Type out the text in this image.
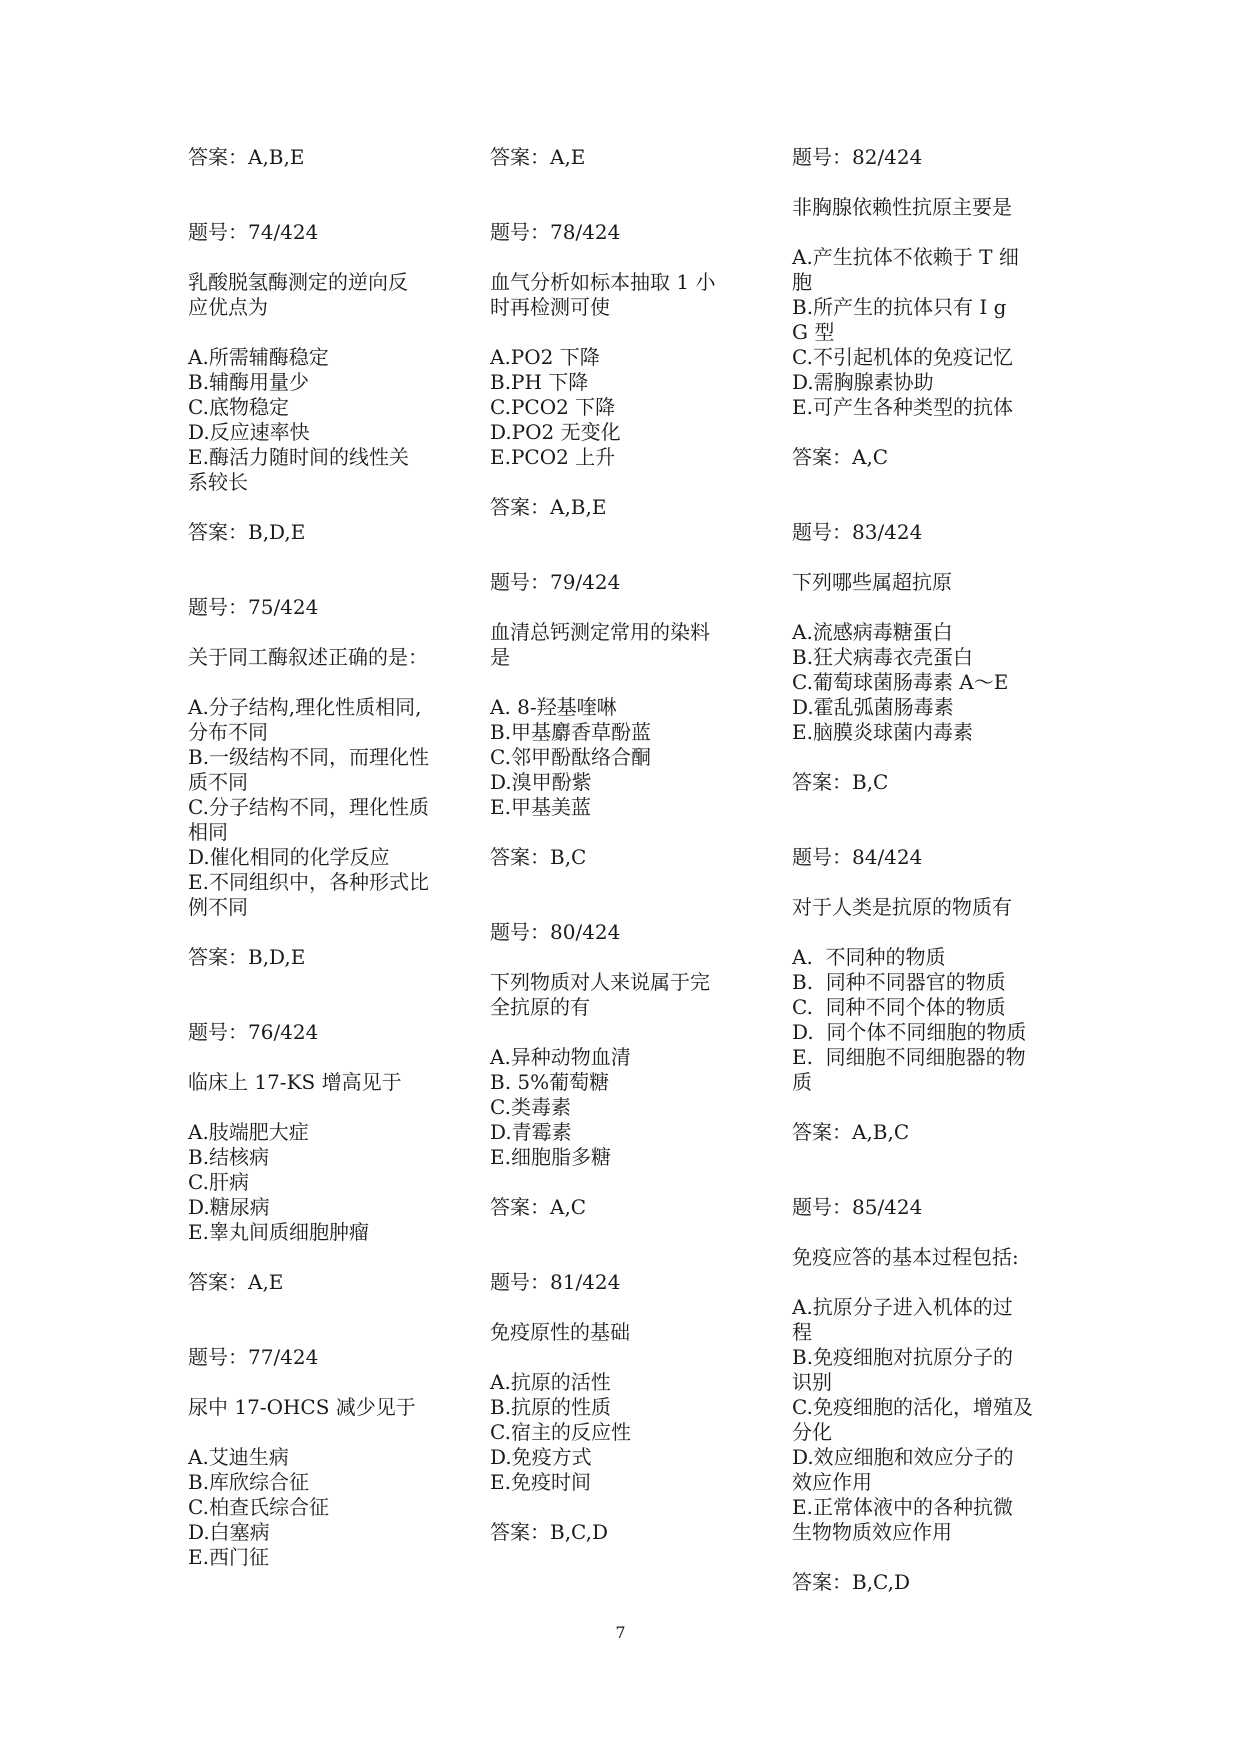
答案：A,B,E
题号：74/424
乳酸脱氢酶测定的逆向反
应优点为
A.所需辅酶稳定
B.辅酶用量少
C.底物稳定
D.反应速率快
E.酶活力随时间的线性关
系较长
答案：B,D,E
题号：75/424
关于同工酶叙述正确的是：
A.分子结构,理化性质相同,
分布不同
B.一级结构不同，而理化性
质不同
C.分子结构不同，理化性质
相同
D.催化相同的化学反应
E.不同组织中，各种形式比
例不同
答案：B,D,E
题号：76/424
临床上 17-KS 增高见于
A.肢端肥大症
B.结核病
C.肝病
D.糖尿病
E.睾丸间质细胞肿瘤
答案：A,E
题号：77/424
尿中 17-OHCS 减少见于
A.艾迪生病
B.库欣综合征
C.柏查氏综合征
D.白塞病
E.西门征
答案：A,E
题号：78/424
血气分析如标本抽取 1 小
时再检测可使
A.PO2 下降
B.PH 下降
C.PCO2 下降
D.PO2 无变化
E.PCO2 上升
答案：A,B,E
题号：79/424
血清总钙测定常用的染料
是
A. 8-羟基喹啉
B.甲基麝香草酚蓝
C.邻甲酚酞络合酮
D.溴甲酚紫
E.甲基美蓝
答案：B,C
题号：80/424
下列物质对人来说属于完
全抗原的有
A.异种动物血清
B. 5%葡萄糖
C.类毒素
D.青霉素
E.细胞脂多糖
答案：A,C
题号：81/424
免疫原性的基础
A.抗原的活性
B.抗原的性质
C.宿主的反应性
D.免疫方式
E.免疫时间
答案：B,C,D
题号：82/424
非胸腺依赖性抗原主要是
A.产生抗体不依赖于 T 细
胞
B.所产生的抗体只有 I g
G 型
C.不引起机体的免疫记忆
D.需胸腺素协助
E.可产生各种类型的抗体
答案：A,C
题号：83/424
下列哪些属超抗原
A.流感病毒糖蛋白
B.狂犬病毒衣壳蛋白
C.葡萄球菌肠毒素 A～E
D.霍乱弧菌肠毒素
E.脑膜炎球菌内毒素
答案：B,C
题号：84/424
对于人类是抗原的物质有
A.  不同种的物质
B.  同种不同器官的物质
C.  同种不同个体的物质
D.  同个体不同细胞的物质
E.  同细胞不同细胞器的物
质
答案：A,B,C
题号：85/424
免疫应答的基本过程包括:
A.抗原分子进入机体的过
程
B.免疫细胞对抗原分子的
识别
C.免疫细胞的活化，增殖及
分化
D.效应细胞和效应分子的
效应作用
E.正常体液中的各种抗微
生物物质效应作用
答案：B,C,D
7
